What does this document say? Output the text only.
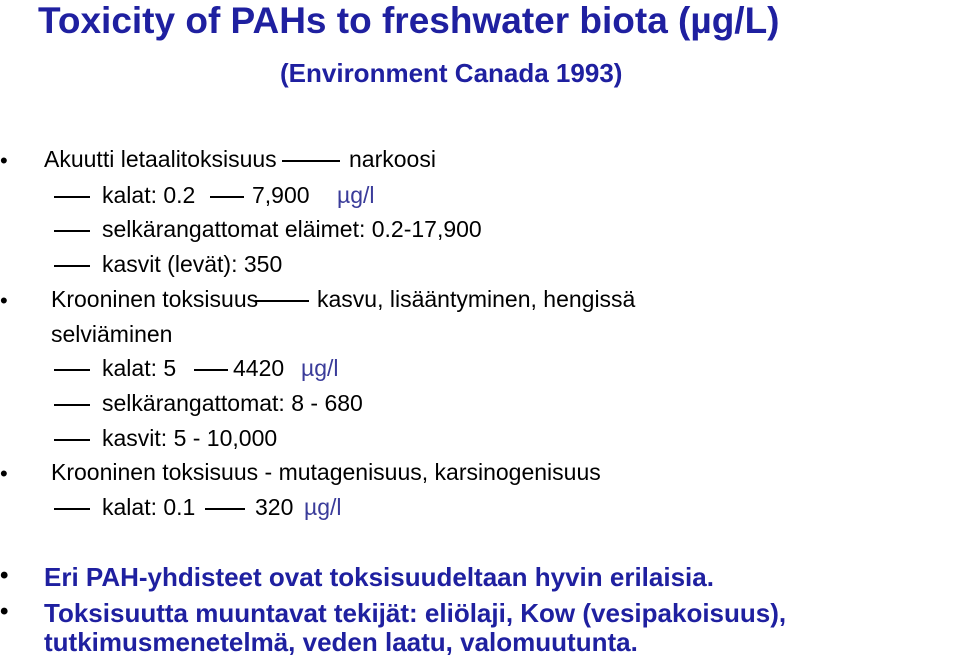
Toxicity of PAHs to freshwater biota (µg/L)
(Environment Canada 1993)
• Akuutti letaalitoksisuus	narkoosi
kalat: 0.2 7,900 µg/l
selkärangattomat eläimet: 0.2-17,900
kasvit (levät): 350
• Krooninen toksisuus	kasvu, lisääntyminen, hengissä
selviäminen
kalat: 5 4420 µg/l
selkärangattomat: 8 - 680
kasvit: 5 - 10,000
• Krooninen toksisuus - mutagenisuus, karsinogenisuus
kalat: 0.1	320 µg/l
• Eri PAH-yhdisteet ovat toksisuudeltaan hyvin erilaisia.
• Toksisuutta muuntavat tekijät: eliölaji, Kow (vesipakoisuus),
tutkimusmenetelmä, veden laatu, valomuutunta.
